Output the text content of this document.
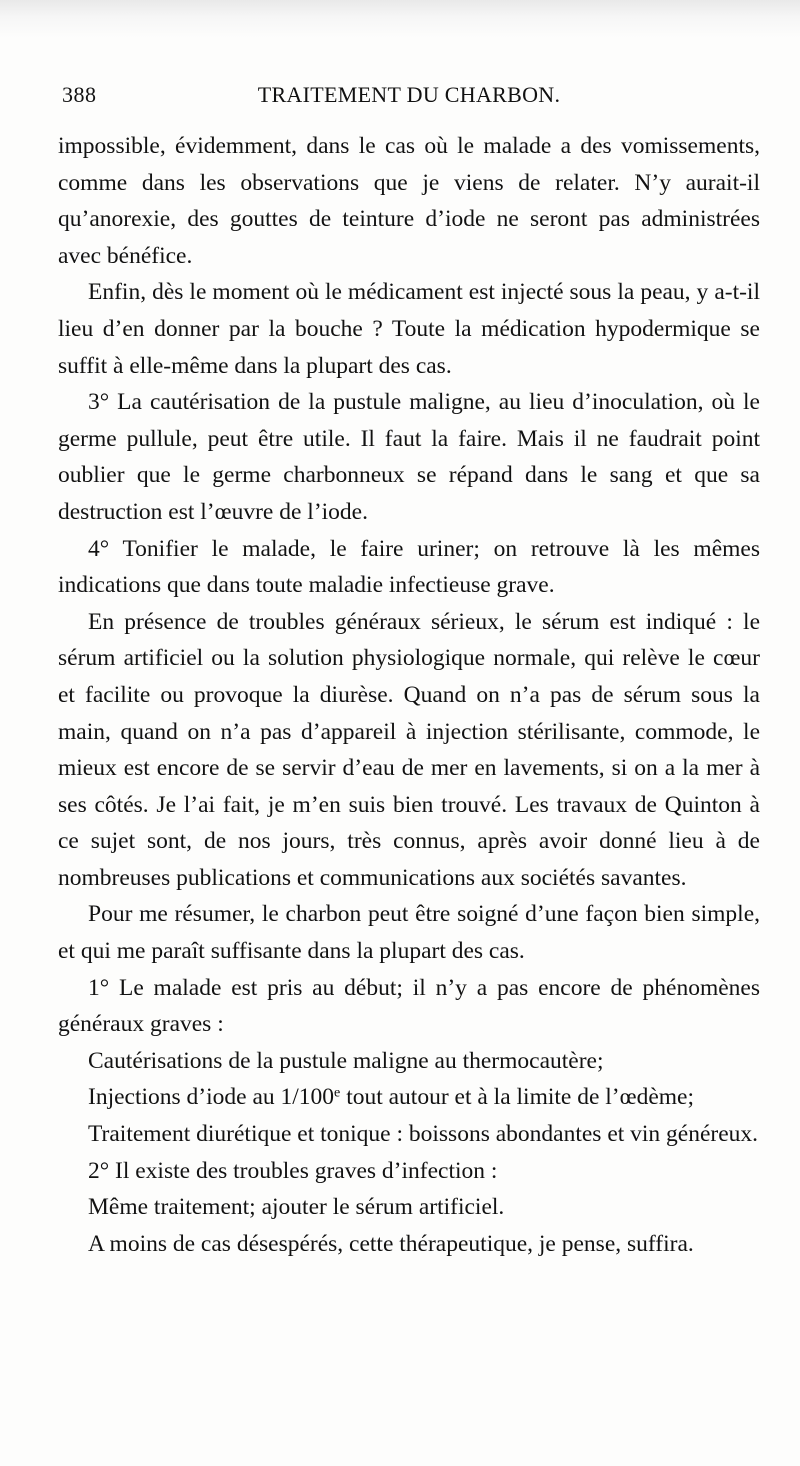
388	TRAITEMENT DU CHARBON.

impossible, évidemment, dans le cas où le malade a des vomissements, comme dans les observations que je viens de relater. N’y aurait-il qu’anorexie, des gouttes de teinture d’iode ne seront pas administrées avec bénéfice.

Enfin, dès le moment où le médicament est injecté sous la peau, y a-t-il lieu d’en donner par la bouche ? Toute la médication hypodermique se suffit à elle-même dans la plupart des cas.

3° La cautérisation de la pustule maligne, au lieu d’inoculation, où le germe pullule, peut être utile. Il faut la faire. Mais il ne faudrait point oublier que le germe charbonneux se répand dans le sang et que sa destruction est l’œuvre de l’iode.

4° Tonifier le malade, le faire uriner; on retrouve là les mêmes indications que dans toute maladie infectieuse grave.

En présence de troubles généraux sérieux, le sérum est indiqué : le sérum artificiel ou la solution physiologique normale, qui relève le cœur et facilite ou provoque la diurèse. Quand on n’a pas de sérum sous la main, quand on n’a pas d’appareil à injection stérilisante, commode, le mieux est encore de se servir d’eau de mer en lavements, si on a la mer à ses côtés. Je l’ai fait, je m’en suis bien trouvé. Les travaux de Quinton à ce sujet sont, de nos jours, très connus, après avoir donné lieu à de nombreuses publications et communications aux sociétés savantes.

Pour me résumer, le charbon peut être soigné d’une façon bien simple, et qui me paraît suffisante dans la plupart des cas.

1° Le malade est pris au début; il n’y a pas encore de phénomènes généraux graves :

Cautérisations de la pustule maligne au thermocautère;

Injections d’iode au 1/100e tout autour et à la limite de l’œdème;

Traitement diurétique et tonique : boissons abondantes et vin généreux.

2° Il existe des troubles graves d’infection :

Même traitement; ajouter le sérum artificiel.

A moins de cas désespérés, cette thérapeutique, je pense, suffira.
